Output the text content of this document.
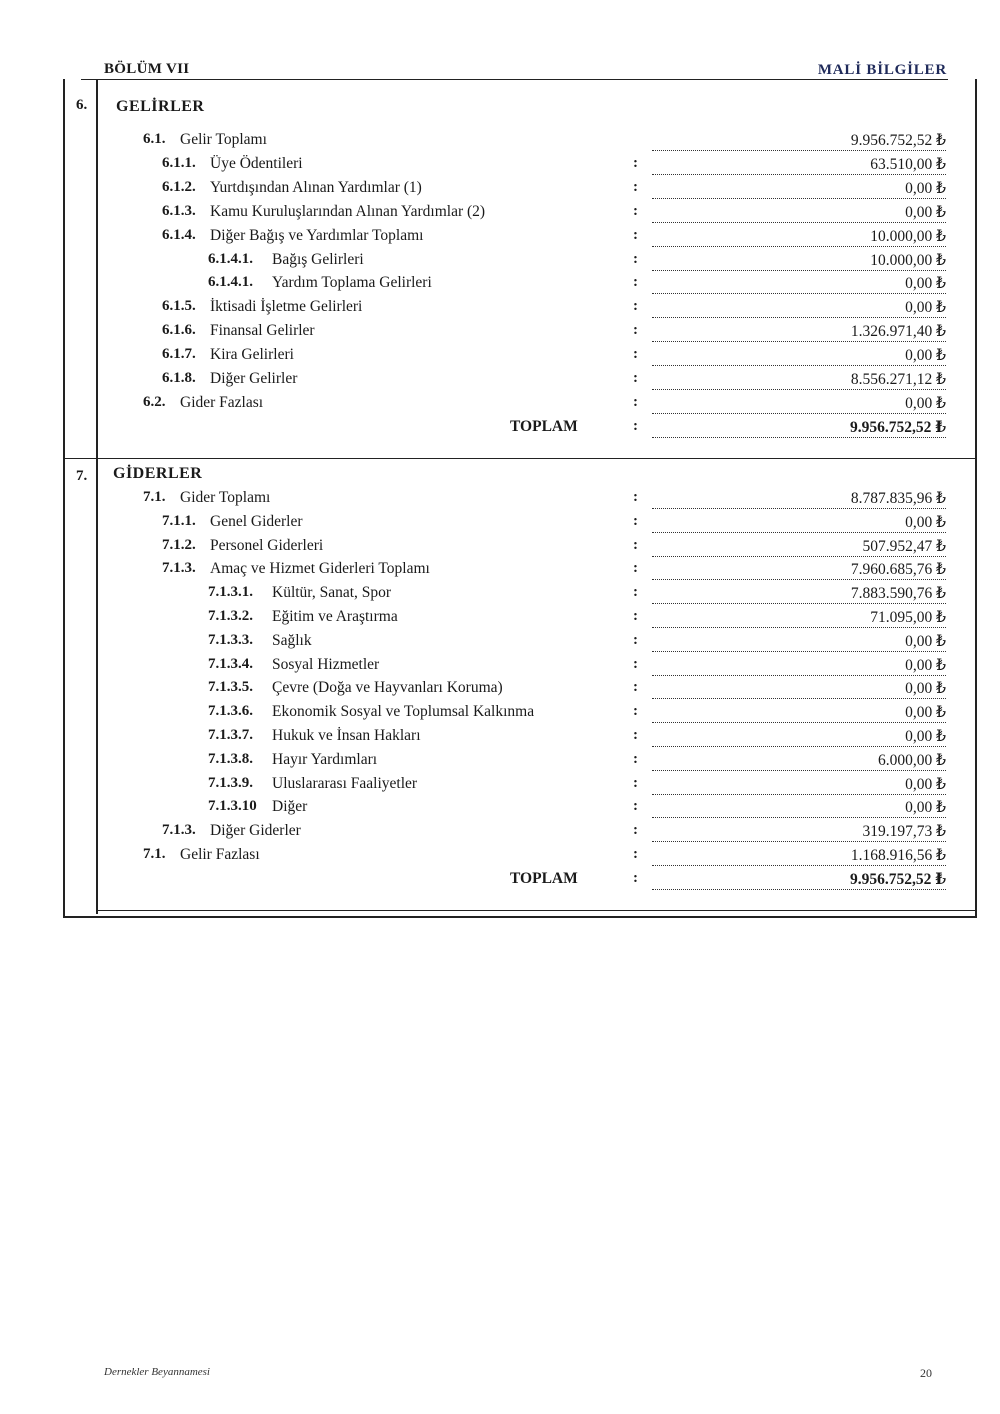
BÖLÜM VII	MALİ BİLGİLER
6. GELİRLER
6.1. Gelir Toplamı	9.956.752,52 ₺
6.1.1. Üye Ödentileri	:	63.510,00 ₺
6.1.2. Yurtdışından Alınan Yardımlar (1)	:	0,00 ₺
6.1.3. Kamu Kuruluşlarından Alınan Yardımlar (2)	:	0,00 ₺
6.1.4. Diğer Bağış ve Yardımlar Toplamı	:	10.000,00 ₺
6.1.4.1. Bağış Gelirleri	:	10.000,00 ₺
6.1.4.1. Yardım Toplama Gelirleri	:	0,00 ₺
6.1.5. İktisadi İşletme Gelirleri	:	0,00 ₺
6.1.6. Finansal Gelirler	:	1.326.971,40 ₺
6.1.7. Kira Gelirleri	:	0,00 ₺
6.1.8. Diğer Gelirler	:	8.556.271,12 ₺
6.2. Gider Fazlası	:	0,00 ₺
TOPLAM	:	9.956.752,52 ₺
7. GİDERLER
7.1. Gider Toplamı	:	8.787.835,96 ₺
7.1.1. Genel Giderler	:	0,00 ₺
7.1.2. Personel Giderleri	:	507.952,47 ₺
7.1.3. Amaç ve Hizmet Giderleri Toplamı	:	7.960.685,76 ₺
7.1.3.1. Kültür, Sanat, Spor	:	7.883.590,76 ₺
7.1.3.2. Eğitim ve Araştırma	:	71.095,00 ₺
7.1.3.3. Sağlık	:	0,00 ₺
7.1.3.4. Sosyal Hizmetler	:	0,00 ₺
7.1.3.5. Çevre (Doğa ve Hayvanları Koruma)	:	0,00 ₺
7.1.3.6. Ekonomik Sosyal ve Toplumsal Kalkınma	:	0,00 ₺
7.1.3.7. Hukuk ve İnsan Hakları	:	0,00 ₺
7.1.3.8. Hayır Yardımları	:	6.000,00 ₺
7.1.3.9. Uluslararası Faaliyetler	:	0,00 ₺
7.1.3.10 Diğer	:	0,00 ₺
7.1.3. Diğer Giderler	:	319.197,73 ₺
7.1. Gelir Fazlası	:	1.168.916,56 ₺
TOPLAM	:	9.956.752,52 ₺
Dernekler Beyannamesi	20
